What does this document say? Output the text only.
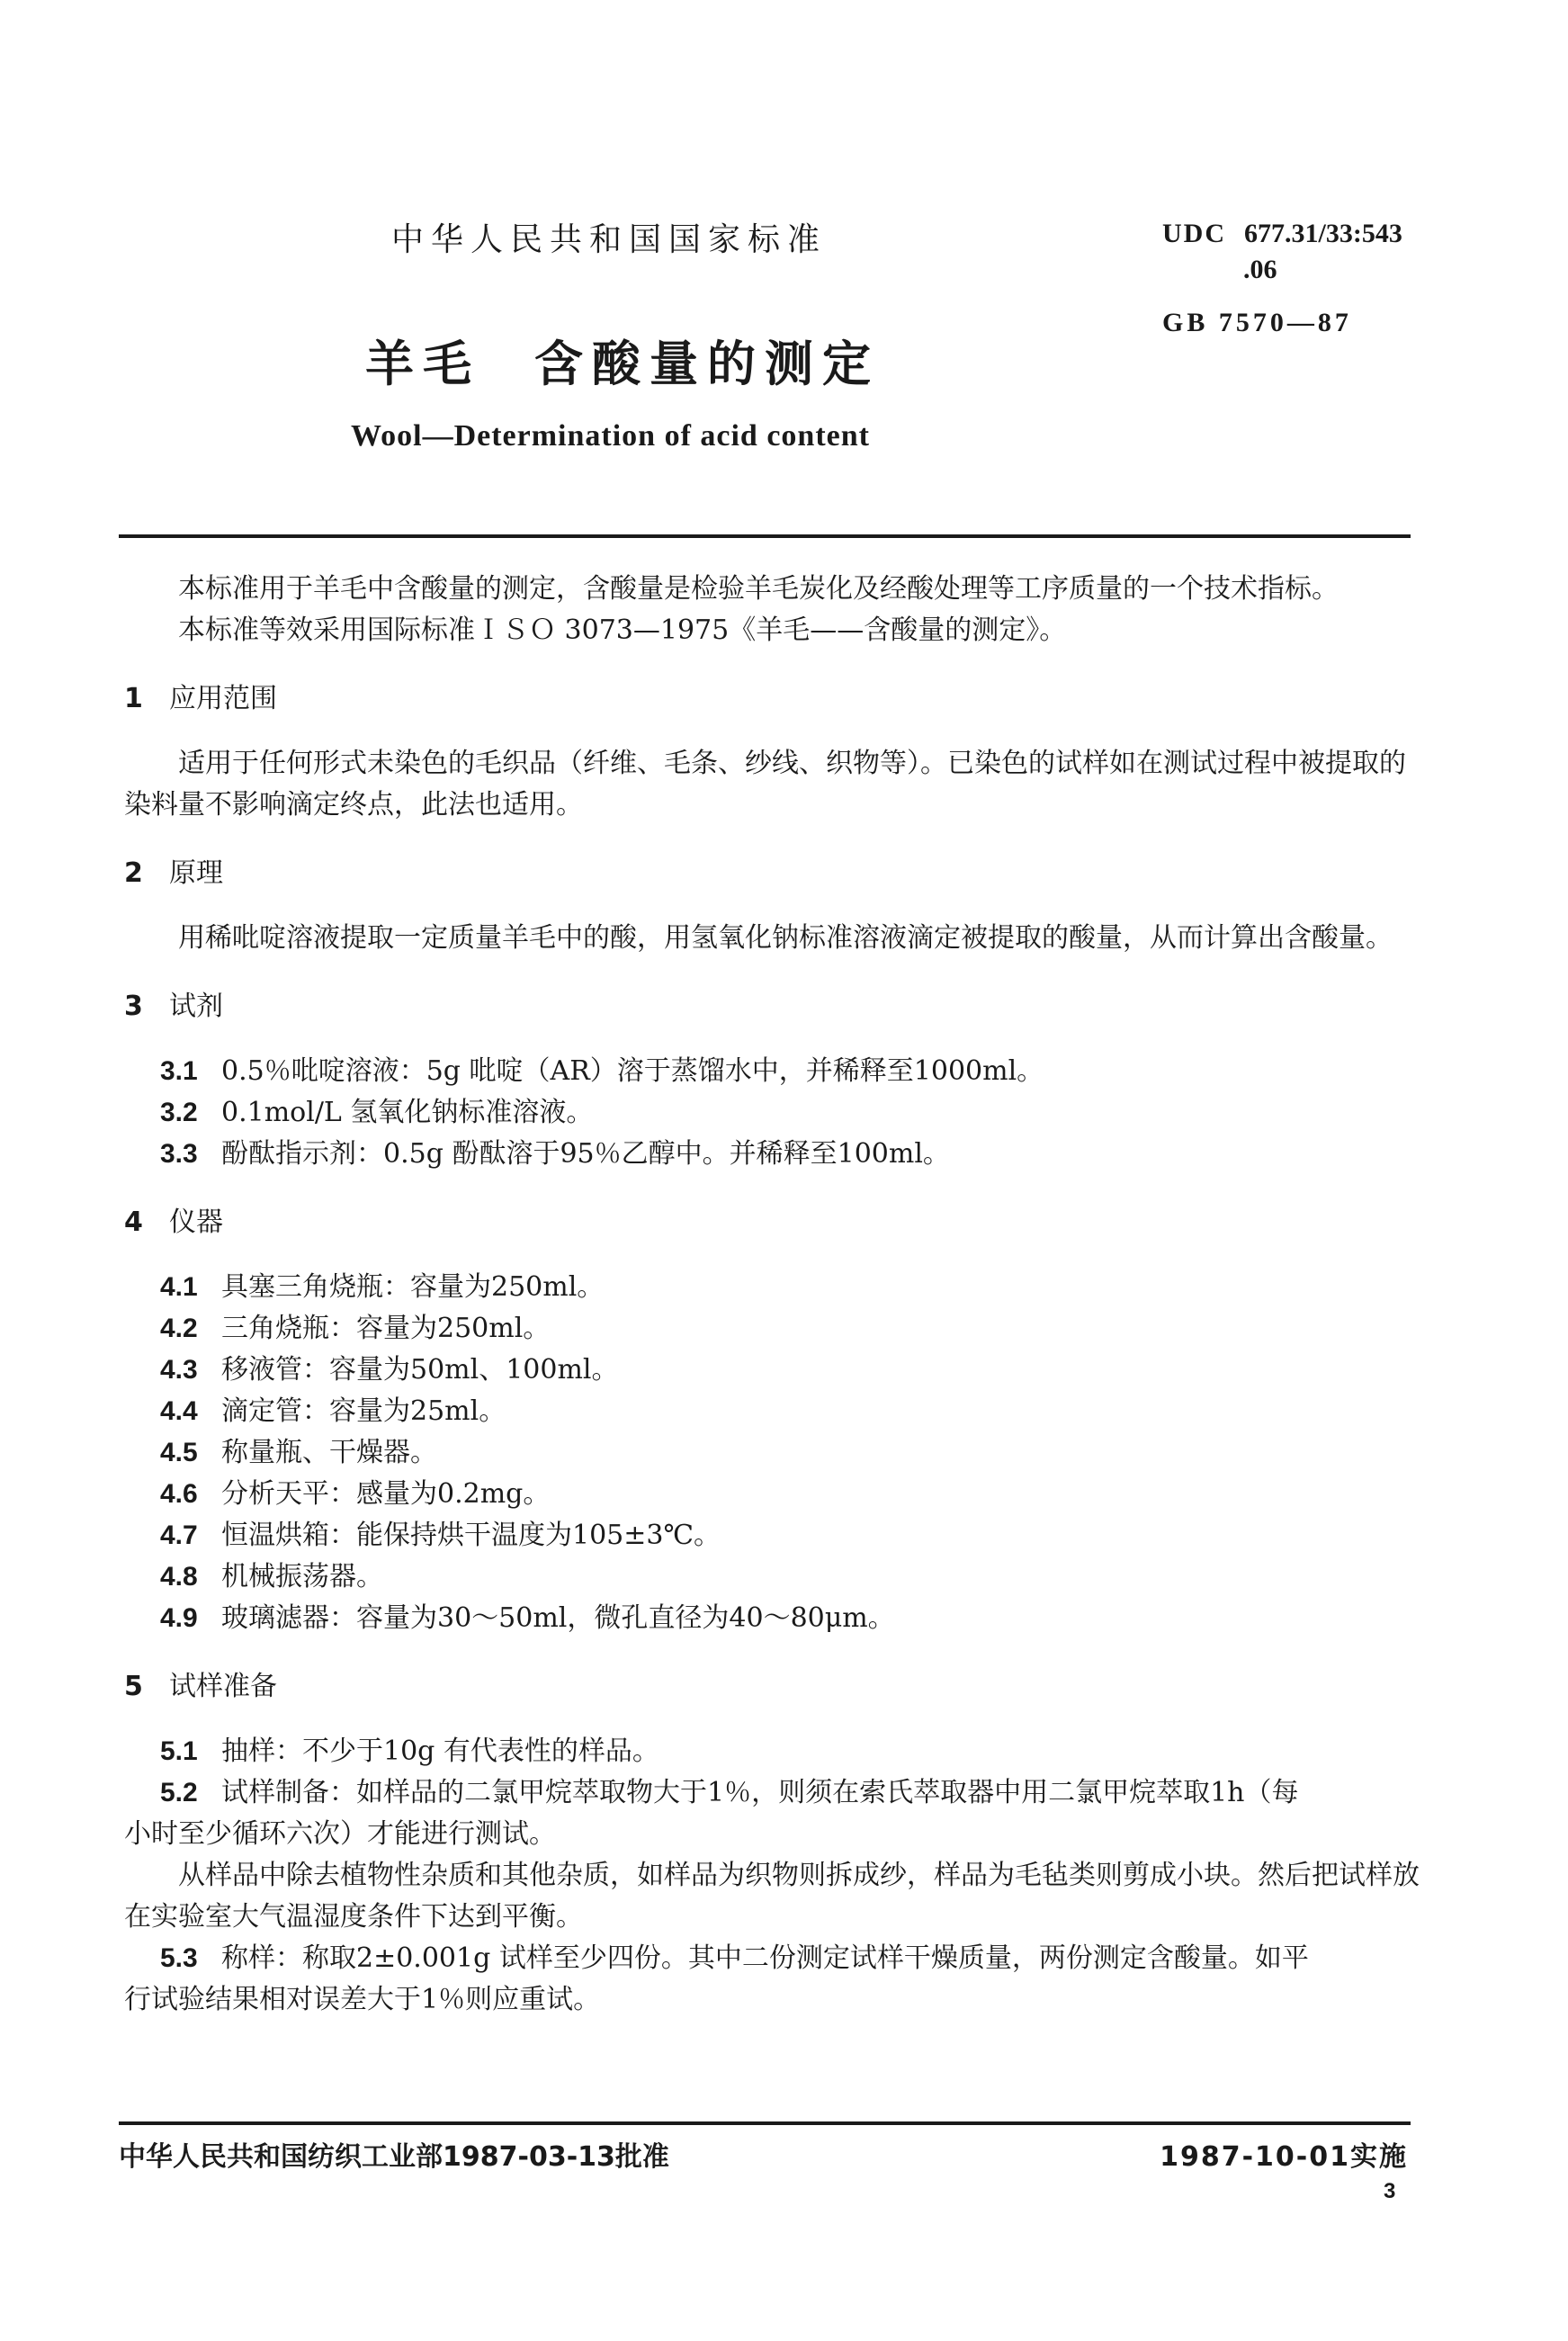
中华人民共和国国家标准	UDC 677.31/33:543
.06
GB 7570—87
羊毛 含酸量的测定
Wool—Determination of acid content

本标准用于羊毛中含酸量的测定，含酸量是检验羊毛炭化及经酸处理等工序质量的一个技术指标。

本标准等效采用国际标准ＩＳＯ 3073—1975《羊毛——含酸量的测定》。

1 应用范围

适用于任何形式未染色的毛织品（纤维、毛条、纱线、织物等）。已染色的试样如在测试过程中被提取的染料量不影响滴定终点，此法也适用。

2 原理

用稀吡啶溶液提取一定质量羊毛中的酸，用氢氧化钠标准溶液滴定被提取的酸量，从而计算出含酸量。

3 试剂

3.1 0.5％吡啶溶液：5g 吡啶（AR）溶于蒸馏水中，并稀释至1000ml。

3.2 0.1mol/L 氢氧化钠标准溶液。

3.3 酚酞指示剂：0.5g 酚酞溶于95％乙醇中。并稀释至100ml。

4 仪器

4.1 具塞三角烧瓶：容量为250ml。

4.2 三角烧瓶：容量为250ml。

4.3 移液管：容量为50ml、100ml。

4.4 滴定管：容量为25ml。

4.5 称量瓶、干燥器。

4.6 分析天平：感量为0.2mg。

4.7 恒温烘箱：能保持烘干温度为105±3℃。

4.8 机械振荡器。

4.9 玻璃滤器：容量为30～50ml，微孔直径为40～80μm。

5 试样准备

5.1 抽样：不少于10g 有代表性的样品。

5.2 试样制备：如样品的二氯甲烷萃取物大于1％，则须在索氏萃取器中用二氯甲烷萃取1h（每

小时至少循环六次）才能进行测试。

从样品中除去植物性杂质和其他杂质，如样品为织物则拆成纱，样品为毛毡类则剪成小块。然后把试样放在实验室大气温湿度条件下达到平衡。

5.3 称样：称取2±0.001g 试样至少四份。其中二份测定试样干燥质量，两份测定含酸量。如平

行试验结果相对误差大于1％则应重试。

中华人民共和国纺织工业部1987-03-13批准	1987-10-01实施
3
